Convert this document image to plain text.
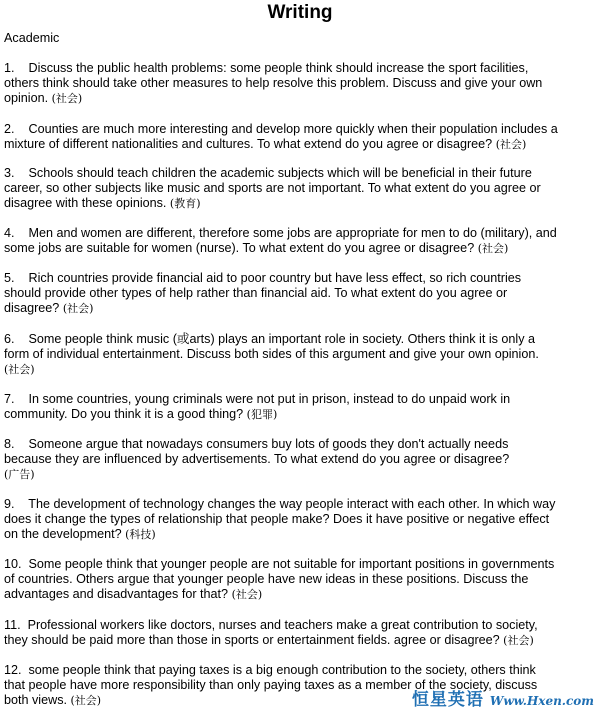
Writing
Academic
1.    Discuss the public health problems: some people think should increase the sport facilities,
others think should take other measures to help resolve this problem. Discuss and give your own
opinion. (社会)
2.    Counties are much more interesting and develop more quickly when their population includes a
mixture of different nationalities and cultures. To what extend do you agree or disagree? (社会)
3.    Schools should teach children the academic subjects which will be beneficial in their future
career, so other subjects like music and sports are not important. To what extent do you agree or
disagree with these opinions. (教育)
4.    Men and women are different, therefore some jobs are appropriate for men to do (military), and
some jobs are suitable for women (nurse). To what extent do you agree or disagree? (社会)
5.    Rich countries provide financial aid to poor country but have less effect, so rich countries
should provide other types of help rather than financial aid. To what extent do you agree or
disagree? (社会)
6.    Some people think music (或arts) plays an important role in society. Others think it is only a
form of individual entertainment. Discuss both sides of this argument and give your own opinion.
(社会)
7.    In some countries, young criminals were not put in prison, instead to do unpaid work in
community. Do you think it is a good thing? (犯罪)
8.    Someone argue that nowadays consumers buy lots of goods they don't actually needs
because they are influenced by advertisements. To what extend do you agree or disagree?
(广告)
9.    The development of technology changes the way people interact with each other. In which way
does it change the types of relationship that people make? Does it have positive or negative effect
on the development? (科技)
10.  Some people think that younger people are not suitable for important positions in governments
of countries. Others argue that younger people have new ideas in these positions. Discuss the
advantages and disadvantages for that? (社会)
11.  Professional workers like doctors, nurses and teachers make a great contribution to society,
they should be paid more than those in sports or entertainment fields. agree or disagree? (社会)
12.  some people think that paying taxes is a big enough contribution to the society, others think
that people have more responsibility than only paying taxes as a member of the society, discuss
both views. (社会)	恒星英语 Www.Hxen.com
